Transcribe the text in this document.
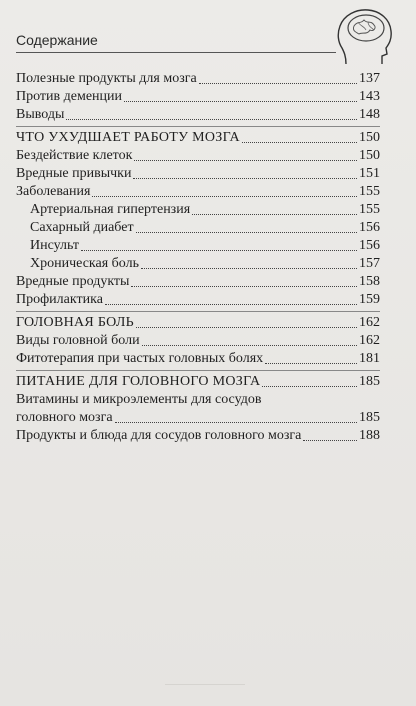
Содержание
Полезные продукты для мозга	137
Против деменции	143
Выводы	148
ЧТО УХУДШАЕТ РАБОТУ МОЗГА	150
Бездействие клеток	150
Вредные привычки	151
Заболевания	155
Артериальная гипертензия	155
Сахарный диабет	156
Инсульт	156
Хроническая боль	157
Вредные продукты	158
Профилактика	159
ГОЛОВНАЯ БОЛЬ	162
Виды головной боли	162
Фитотерапия при частых головных болях	181
ПИТАНИЕ ДЛЯ ГОЛОВНОГО МОЗГА	185
Витамины и микроэлементы для сосудов
головного мозга	185
Продукты и блюда для сосудов головного мозга	188
